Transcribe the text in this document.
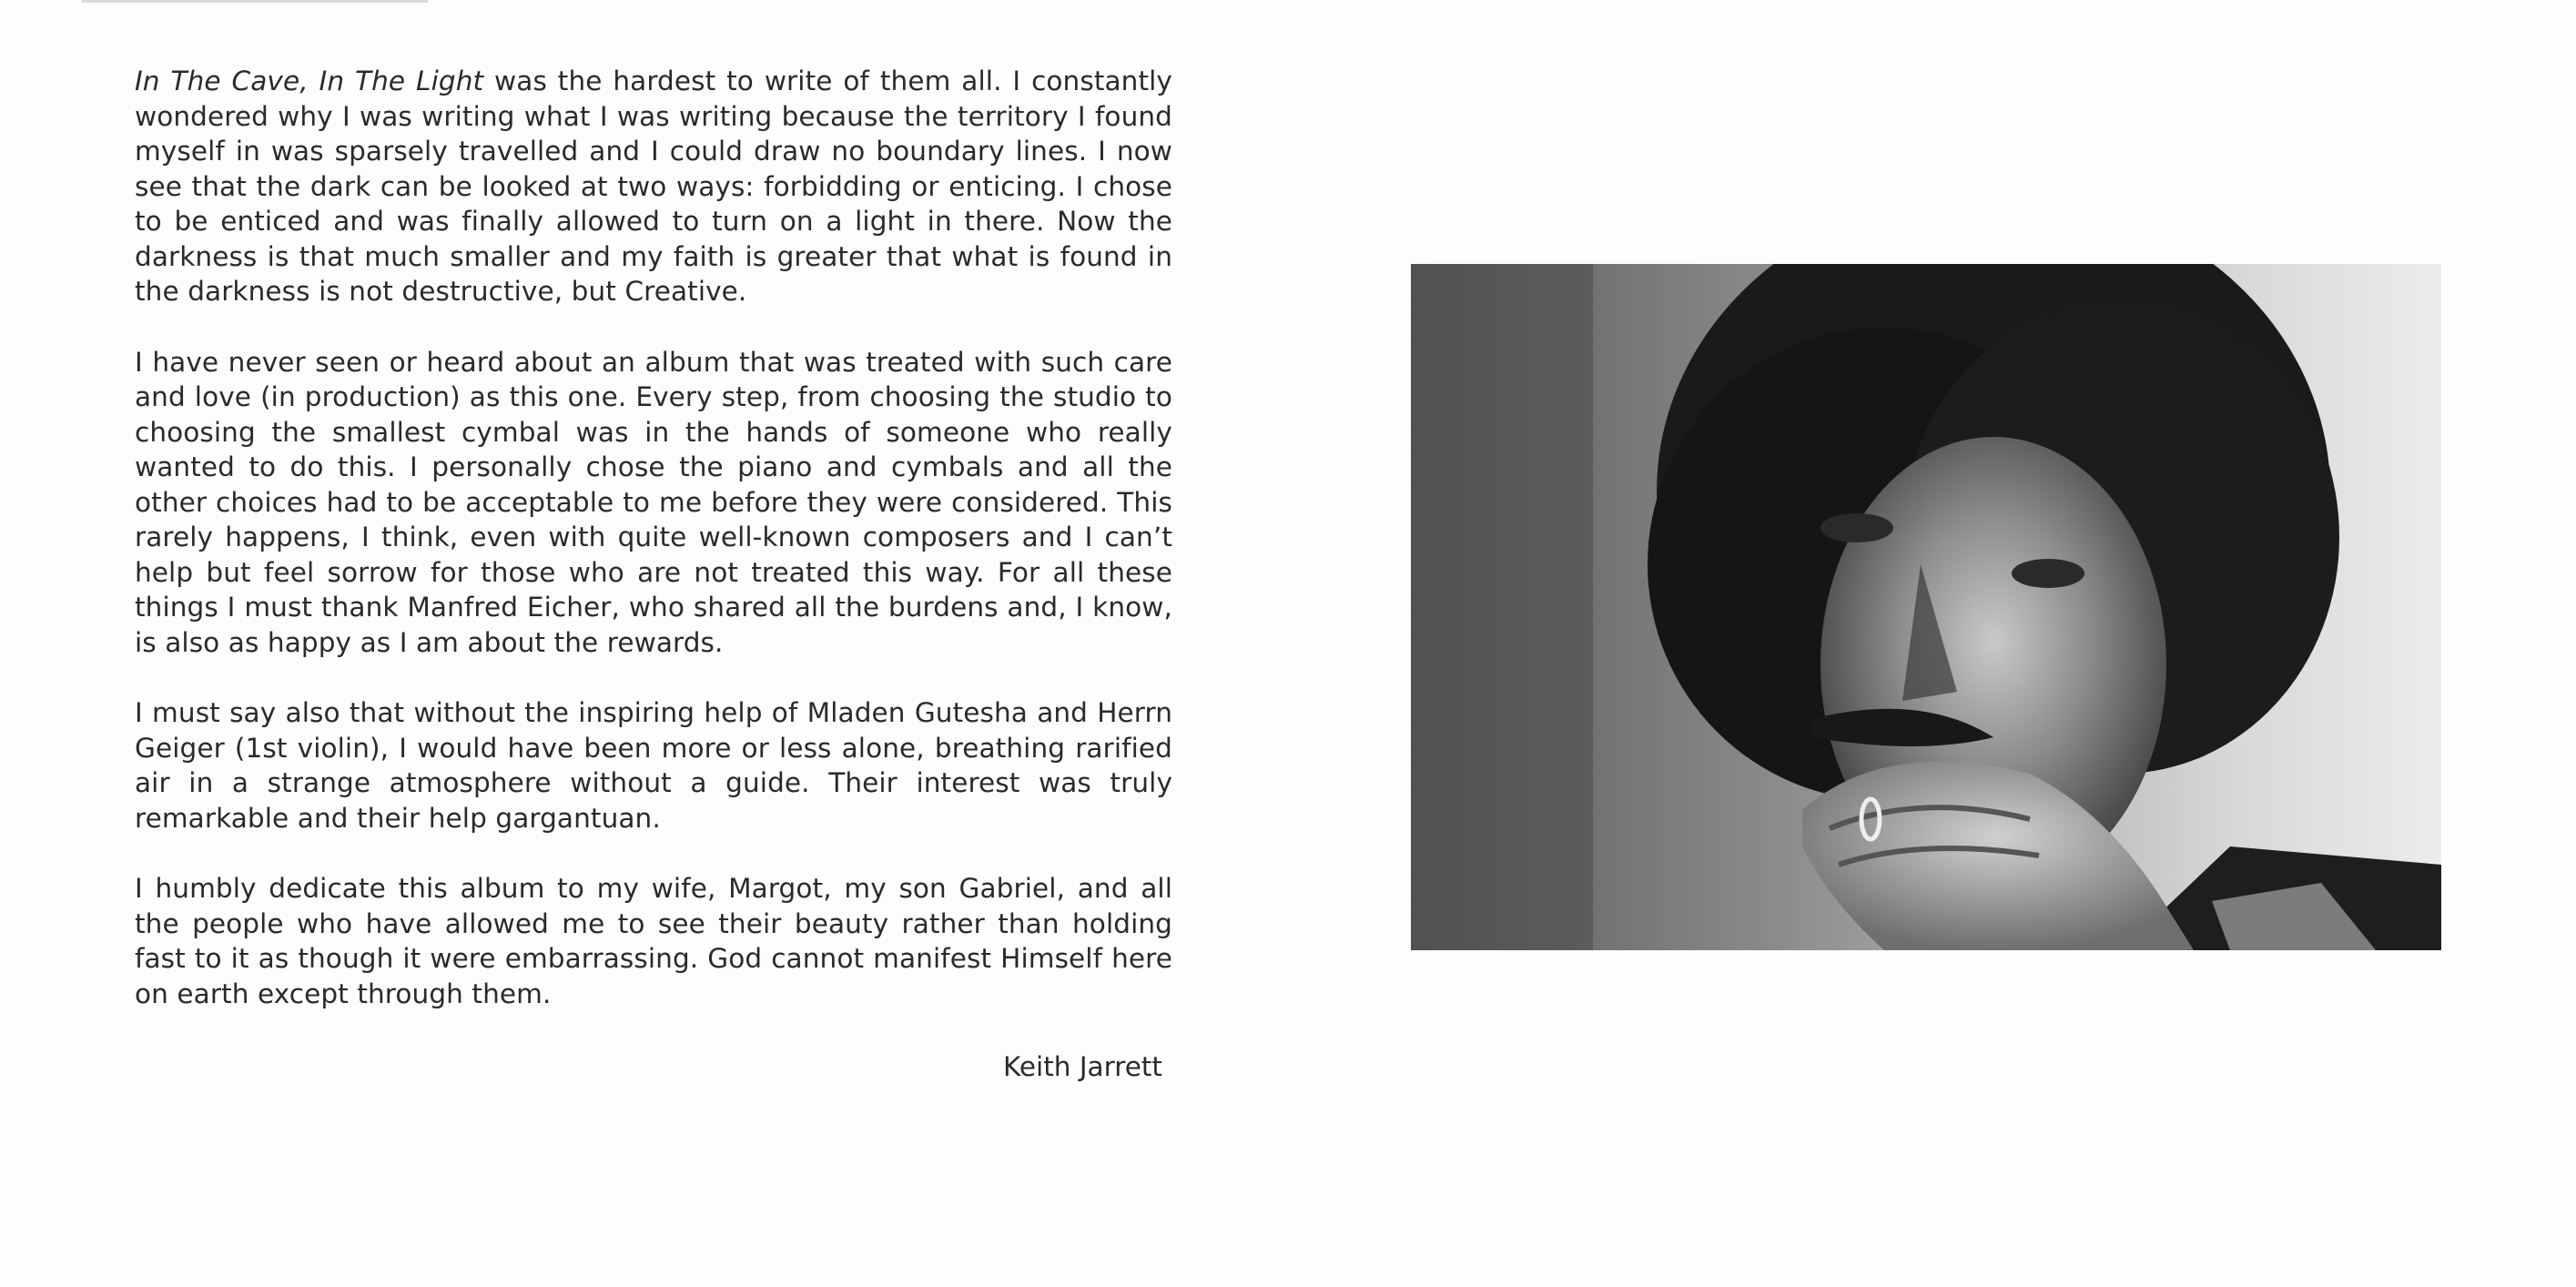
In The Cave, In The Light was the hardest to write of them all. I constantly wondered why I was writing what I was writing because the territory I found myself in was sparsely travelled and I could draw no boundary lines. I now see that the dark can be looked at two ways: forbidding or enticing. I chose to be enticed and was finally allowed to turn on a light in there. Now the darkness is that much smaller and my faith is greater that what is found in the darkness is not destructive, but Creative.

I have never seen or heard about an album that was treated with such care and love (in production) as this one. Every step, from choosing the studio to choosing the smallest cymbal was in the hands of someone who really wanted to do this. I personally chose the piano and cymbals and all the other choices had to be acceptable to me before they were considered. This rarely happens, I think, even with quite well-known composers and I can’t help but feel sorrow for those who are not treated this way. For all these things I must thank Manfred Eicher, who shared all the burdens and, I know, is also as happy as I am about the rewards.

I must say also that without the inspiring help of Mladen Gutesha and Herrn Geiger (1st violin), I would have been more or less alone, breathing rarified air in a strange atmosphere without a guide. Their interest was truly remarkable and their help gargantuan.

I humbly dedicate this album to my wife, Margot, my son Gabriel, and all the people who have allowed me to see their beauty rather than holding fast to it as though it were embarrassing. God cannot manifest Himself here on earth except through them.

Keith Jarrett
